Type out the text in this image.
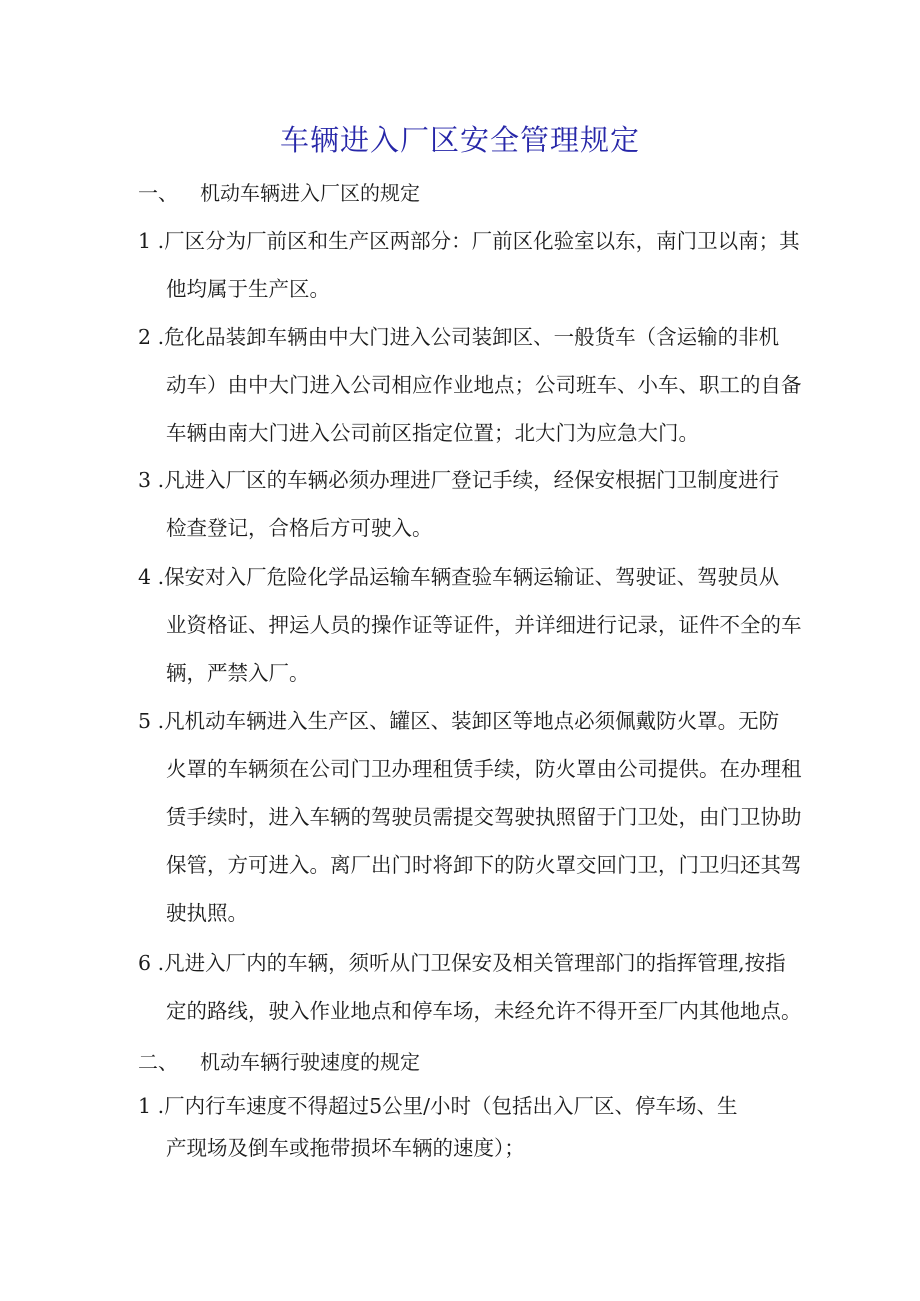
车辆进入厂区安全管理规定
一、 机动车辆进入厂区的规定
1 .厂区分为厂前区和生产区两部分：厂前区化验室以东，南门卫以南；其
他均属于生产区。
2 .危化品装卸车辆由中大门进入公司装卸区、一般货车（含运输的非机
动车）由中大门进入公司相应作业地点；公司班车、小车、职工的自备
车辆由南大门进入公司前区指定位置；北大门为应急大门。
3 .凡进入厂区的车辆必须办理进厂登记手续，经保安根据门卫制度进行
检查登记，合格后方可驶入。
4 .保安对入厂危险化学品运输车辆查验车辆运输证、驾驶证、驾驶员从
业资格证、押运人员的操作证等证件，并详细进行记录，证件不全的车
辆，严禁入厂。
5 .凡机动车辆进入生产区、罐区、装卸区等地点必须佩戴防火罩。无防
火罩的车辆须在公司门卫办理租赁手续，防火罩由公司提供。在办理租
赁手续时，进入车辆的驾驶员需提交驾驶执照留于门卫处，由门卫协助
保管，方可进入。离厂出门时将卸下的防火罩交回门卫，门卫归还其驾
驶执照。
6 .凡进入厂内的车辆，须听从门卫保安及相关管理部门的指挥管理,按指
定的路线，驶入作业地点和停车场，未经允许不得开至厂内其他地点。
二、 机动车辆行驶速度的规定
1 .厂内行车速度不得超过5公里/小时（包括出入厂区、停车场、生
产现场及倒车或拖带损坏车辆的速度）；
